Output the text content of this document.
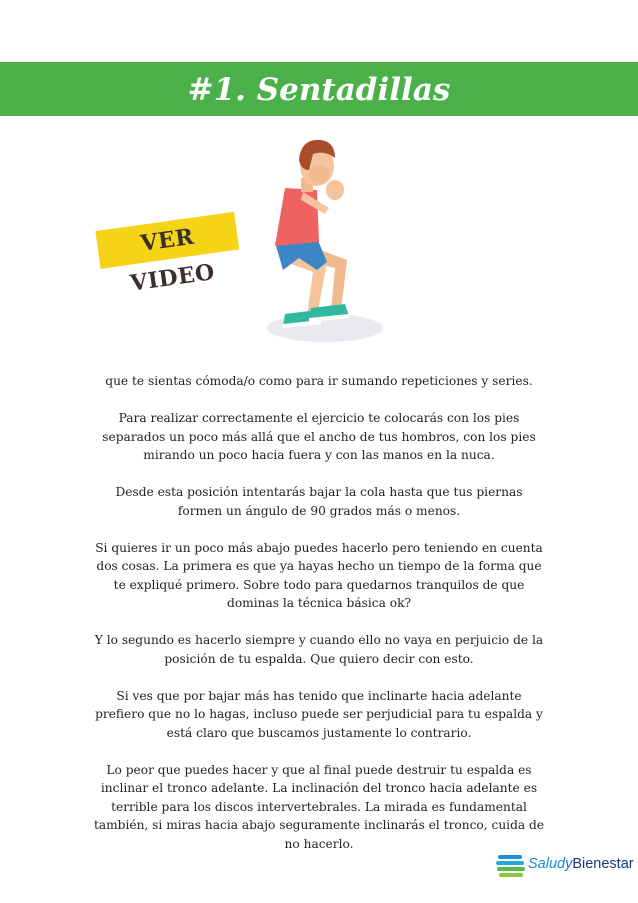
#1. Sentadillas
VER VIDEO

que te sientas cómoda/o como para ir sumando repeticiones y series.

Para realizar correctamente el ejercicio te colocarás con los pies separados un poco más allá que el ancho de tus hombros, con los pies mirando un poco hacia fuera y con las manos en la nuca.

Desde esta posición intentarás bajar la cola hasta que tus piernas formen un ángulo de 90 grados más o menos.

Si quieres ir un poco más abajo puedes hacerlo pero teniendo en cuenta dos cosas. La primera es que ya hayas hecho un tiempo de la forma que te expliqué primero. Sobre todo para quedarnos tranquilos de que dominas la técnica básica ok?

Y lo segundo es hacerlo siempre y cuando ello no vaya en perjuicio de la posición de tu espalda. Que quiero decir con esto.

Si ves que por bajar más has tenido que inclinarte hacia adelante prefiero que no lo hagas, incluso puede ser perjudicial para tu espalda y está claro que buscamos justamente lo contrario.

Lo peor que puedes hacer y que al final puede destruir tu espalda es inclinar el tronco adelante. La inclinación del tronco hacia adelante es terrible para los discos intervertebrales. La mirada es fundamental también, si miras hacia abajo seguramente inclinarás el tronco, cuida de no hacerlo.

SaludyBienestar
